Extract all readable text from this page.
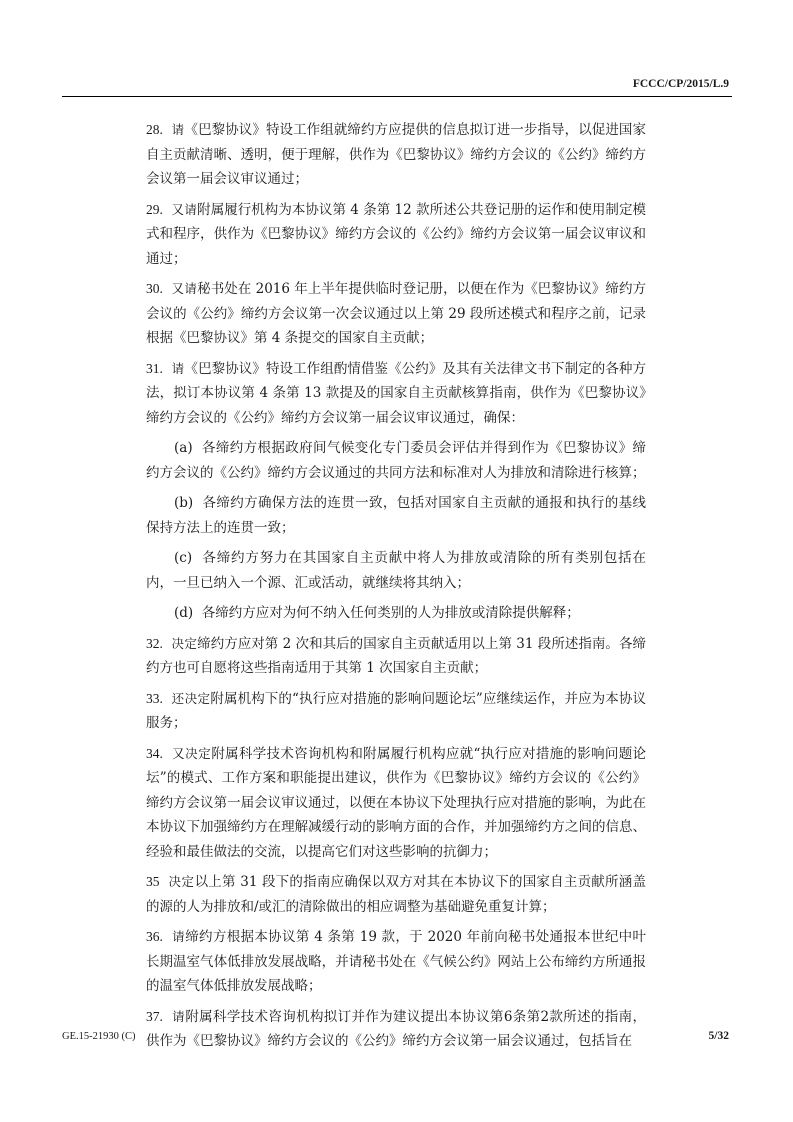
FCCC/CP/2015/L.9

28. 请《巴黎协议》特设工作组就缔约方应提供的信息拟订进一步指导，以促进国家自主贡献清晰、透明，便于理解，供作为《巴黎协议》缔约方会议的《公约》缔约方会议第一届会议审议通过；

29. 又请附属履行机构为本协议第 4 条第 12 款所述公共登记册的运作和使用制定模式和程序，供作为《巴黎协议》缔约方会议的《公约》缔约方会议第一届会议审议和通过；

30. 又请秘书处在 2016 年上半年提供临时登记册，以便在作为《巴黎协议》缔约方会议的《公约》缔约方会议第一次会议通过以上第 29 段所述模式和程序之前，记录根据《巴黎协议》第 4 条提交的国家自主贡献；

31. 请《巴黎协议》特设工作组酌情借鉴《公约》及其有关法律文书下制定的各种方法，拟订本协议第 4 条第 13 款提及的国家自主贡献核算指南，供作为《巴黎协议》缔约方会议的《公约》缔约方会议第一届会议审议通过，确保：

(a) 各缔约方根据政府间气候变化专门委员会评估并得到作为《巴黎协议》缔约方会议的《公约》缔约方会议通过的共同方法和标准对人为排放和清除进行核算；

(b) 各缔约方确保方法的连贯一致，包括对国家自主贡献的通报和执行的基线保持方法上的连贯一致；

(c) 各缔约方努力在其国家自主贡献中将人为排放或清除的所有类别包括在内，一旦已纳入一个源、汇或活动，就继续将其纳入；

(d) 各缔约方应对为何不纳入任何类别的人为排放或清除提供解释；

32. 决定缔约方应对第 2 次和其后的国家自主贡献适用以上第 31 段所述指南。各缔约方也可自愿将这些指南适用于其第 1 次国家自主贡献；

33. 还决定附属机构下的“执行应对措施的影响问题论坛”应继续运作，并应为本协议服务；

34. 又决定附属科学技术咨询机构和附属履行机构应就“执行应对措施的影响问题论坛”的模式、工作方案和职能提出建议，供作为《巴黎协议》缔约方会议的《公约》缔约方会议第一届会议审议通过，以便在本协议下处理执行应对措施的影响，为此在本协议下加强缔约方在理解减缓行动的影响方面的合作，并加强缔约方之间的信息、经验和最佳做法的交流，以提高它们对这些影响的抗御力；

35 决定以上第 31 段下的指南应确保以双方对其在本协议下的国家自主贡献所涵盖的源的人为排放和/或汇的清除做出的相应调整为基础避免重复计算；

36. 请缔约方根据本协议第 4 条第 19 款，于 2020 年前向秘书处通报本世纪中叶长期温室气体低排放发展战略，并请秘书处在《气候公约》网站上公布缔约方所通报的温室气体低排放发展战略；

37. 请附属科学技术咨询机构拟订并作为建议提出本协议第6条第2款所述的指南，供作为《巴黎协议》缔约方会议的《公约》缔约方会议第一届会议通过，包括旨在

GE.15-21930 (C)	5/32
